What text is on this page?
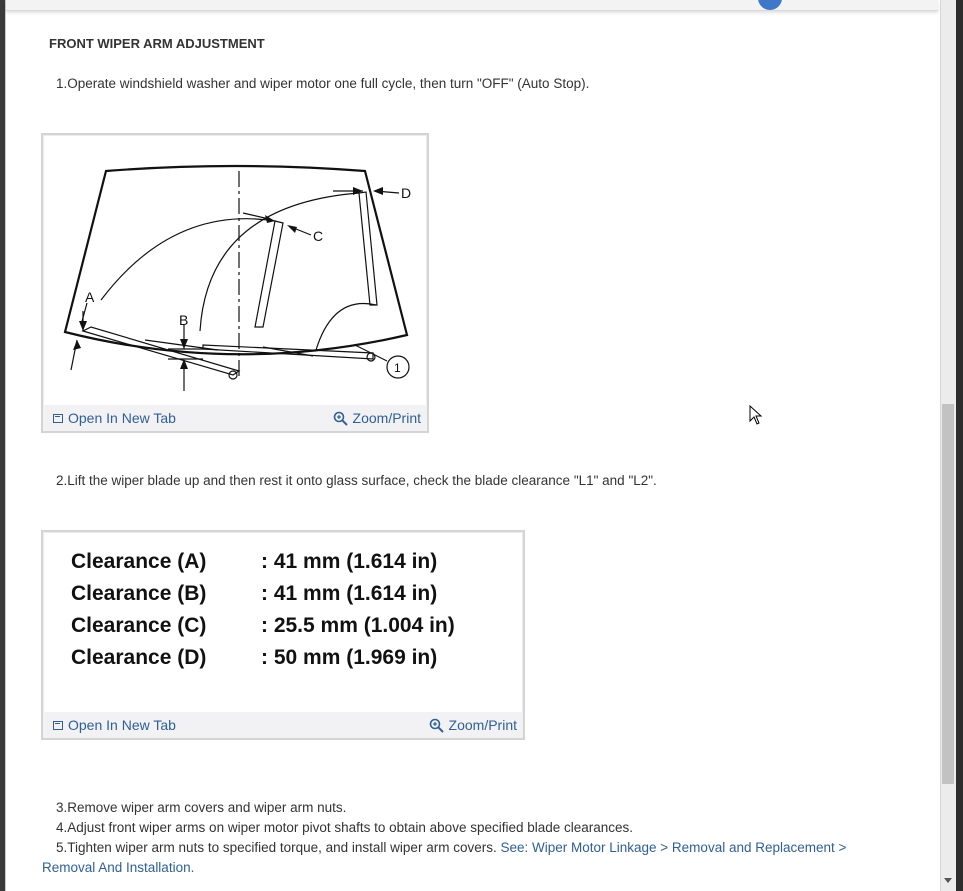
FRONT WIPER ARM ADJUSTMENT
1.Operate windshield washer and wiper motor one full cycle, then turn "OFF" (Auto Stop).
A
B
C
D
1
Open In New Tab	Zoom/Print
2.Lift the wiper blade up and then rest it onto glass surface, check the blade clearance "L1" and "L2".
Clearance (A)	: 41 mm (1.614 in)
Clearance (B)	: 41 mm (1.614 in)
Clearance (C)	: 25.5 mm (1.004 in)
Clearance (D)	: 50 mm (1.969 in)
Open In New Tab	Zoom/Print
3.Remove wiper arm covers and wiper arm nuts.
4.Adjust front wiper arms on wiper motor pivot shafts to obtain above specified blade clearances.
5.Tighten wiper arm nuts to specified torque, and install wiper arm covers. See: Wiper Motor Linkage > Removal and Replacement >
Removal And Installation.
